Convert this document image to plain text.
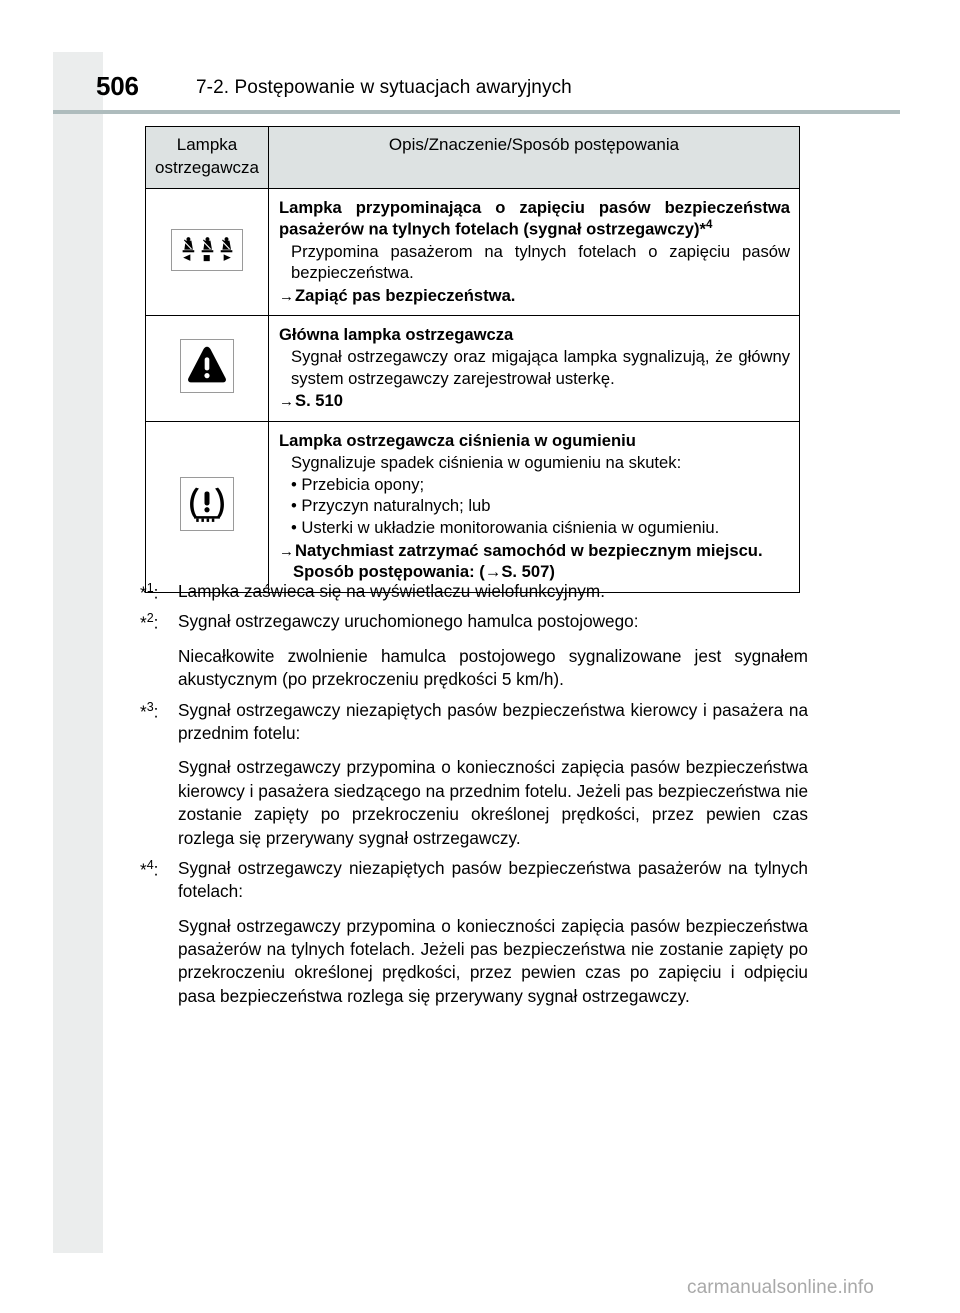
506	7-2. Postępowanie w sytuacjach awaryjnych
Lampka
ostrzegawcza	Opis/Znaczenie/Sposób postępowania

Lampka przypominająca o zapięciu pasów bezpieczeństwa pasażerów na tylnych fotelach (sygnał ostrzegawczy)*$^4$
Przypomina pasażerom na tylnych fotelach o zapięciu pasów bezpieczeństwa.
→Zapiąć pas bezpieczeństwa.

Główna lampka ostrzegawcza
Sygnał ostrzegawczy oraz migająca lampka sygnalizują, że główny system ostrzegawczy zarejestrował usterkę.
→S. 510

Lampka ostrzegawcza ciśnienia w ogumieniu
Sygnalizuje spadek ciśnienia w ogumieniu na skutek:
• Przebicia opony;
• Przyczyn naturalnych; lub
• Usterki w układzie monitorowania ciśnienia w ogumieniu.
→Natychmiast zatrzymać samochód w bezpiecznym miejscu.
Sposób postępowania: (→S. 507)
*$^1$:	Lampka zaświeca się na wyświetlaczu wielofunkcyjnym.

*$^2$:	Sygnał ostrzegawczy uruchomionego hamulca postojowego:

Niecałkowite zwolnienie hamulca postojowego sygnalizowane jest sygnałem akustycznym (po przekroczeniu prędkości 5 km/h).

*$^3$:	Sygnał ostrzegawczy niezapiętych pasów bezpieczeństwa kierowcy i pasażera na przednim fotelu:

Sygnał ostrzegawczy przypomina o konieczności zapięcia pasów bezpieczeństwa kierowcy i pasażera siedzącego na przednim fotelu. Jeżeli pas bezpieczeństwa nie zostanie zapięty po przekroczeniu określonej prędkości, przez pewien czas rozlega się przerywany sygnał ostrzegawczy.

*$^4$:	Sygnał ostrzegawczy niezapiętych pasów bezpieczeństwa pasażerów na tylnych fotelach:

Sygnał ostrzegawczy przypomina o konieczności zapięcia pasów bezpieczeństwa pasażerów na tylnych fotelach. Jeżeli pas bezpieczeństwa nie zostanie zapięty po przekroczeniu określonej prędkości, przez pewien czas po zapięciu i odpięciu pasa bezpieczeństwa rozlega się przerywany sygnał ostrzegawczy.

carmanualsonline.info
